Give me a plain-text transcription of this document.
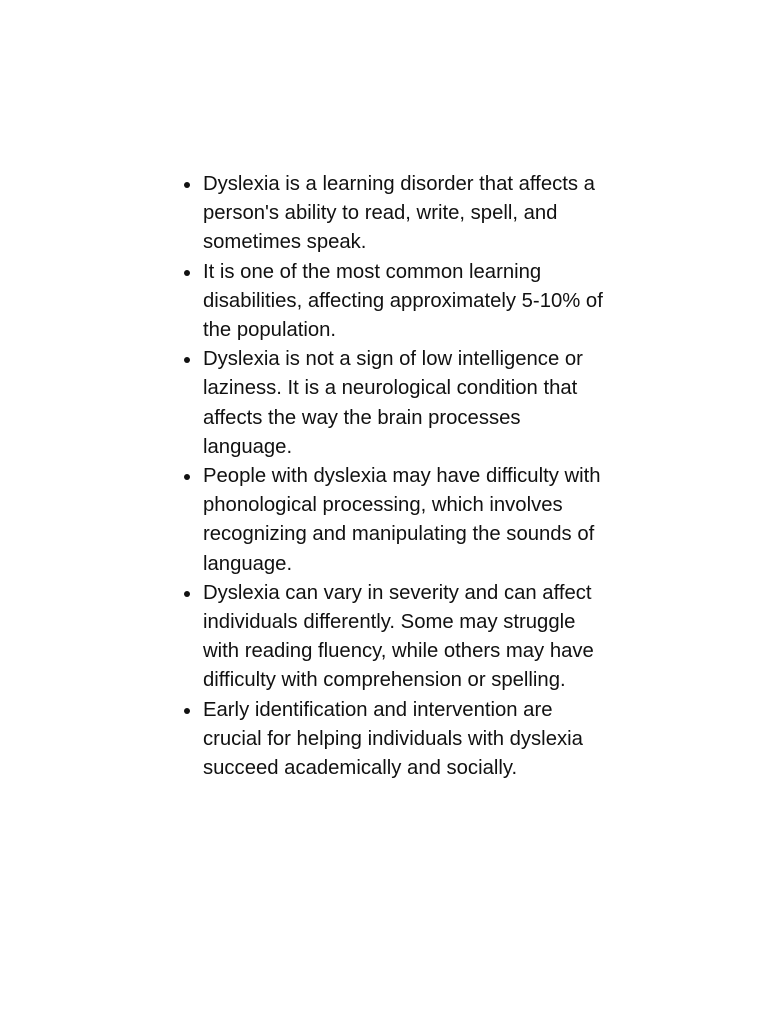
Dyslexia is a learning disorder that affects a person's ability to read, write, spell, and sometimes speak.
It is one of the most common learning disabilities, affecting approximately 5-10% of the population.
Dyslexia is not a sign of low intelligence or laziness. It is a neurological condition that affects the way the brain processes language.
People with dyslexia may have difficulty with phonological processing, which involves recognizing and manipulating the sounds of language.
Dyslexia can vary in severity and can affect individuals differently. Some may struggle with reading fluency, while others may have difficulty with comprehension or spelling.
Early identification and intervention are crucial for helping individuals with dyslexia succeed academically and socially.
